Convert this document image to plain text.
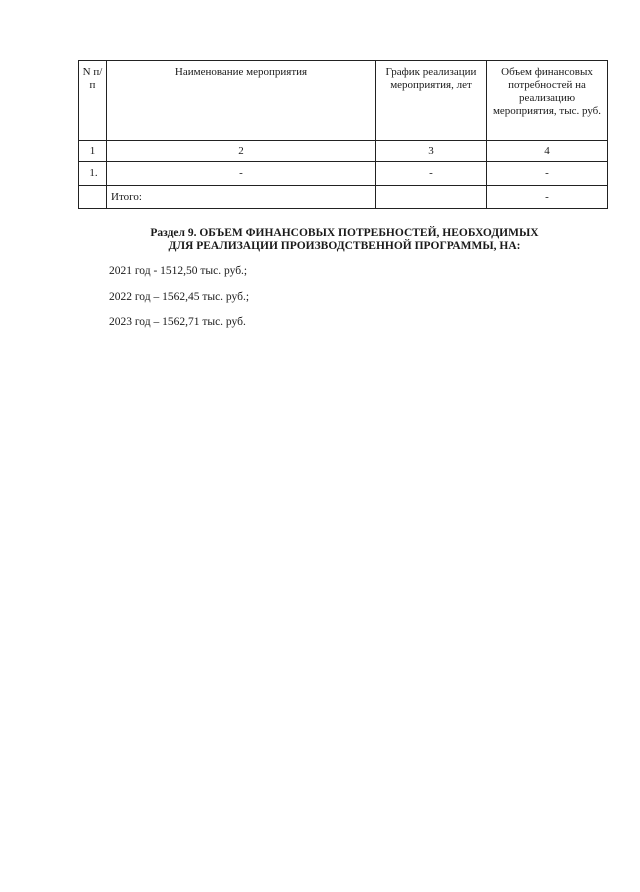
N п/п	Наименование мероприятия	График реализации мероприятия, лет	Объем финансовых потребностей на реализацию мероприятия, тыс. руб.
1	2	3	4
1.	-	-	-
	Итого:		-
Раздел 9. ОБЪЕМ ФИНАНСОВЫХ ПОТРЕБНОСТЕЙ, НЕОБХОДИМЫХ
ДЛЯ РЕАЛИЗАЦИИ ПРОИЗВОДСТВЕННОЙ ПРОГРАММЫ, НА:
2021 год - 1512,50 тыс. руб.;
2022 год – 1562,45 тыс. руб.;
2023 год – 1562,71 тыс. руб.
